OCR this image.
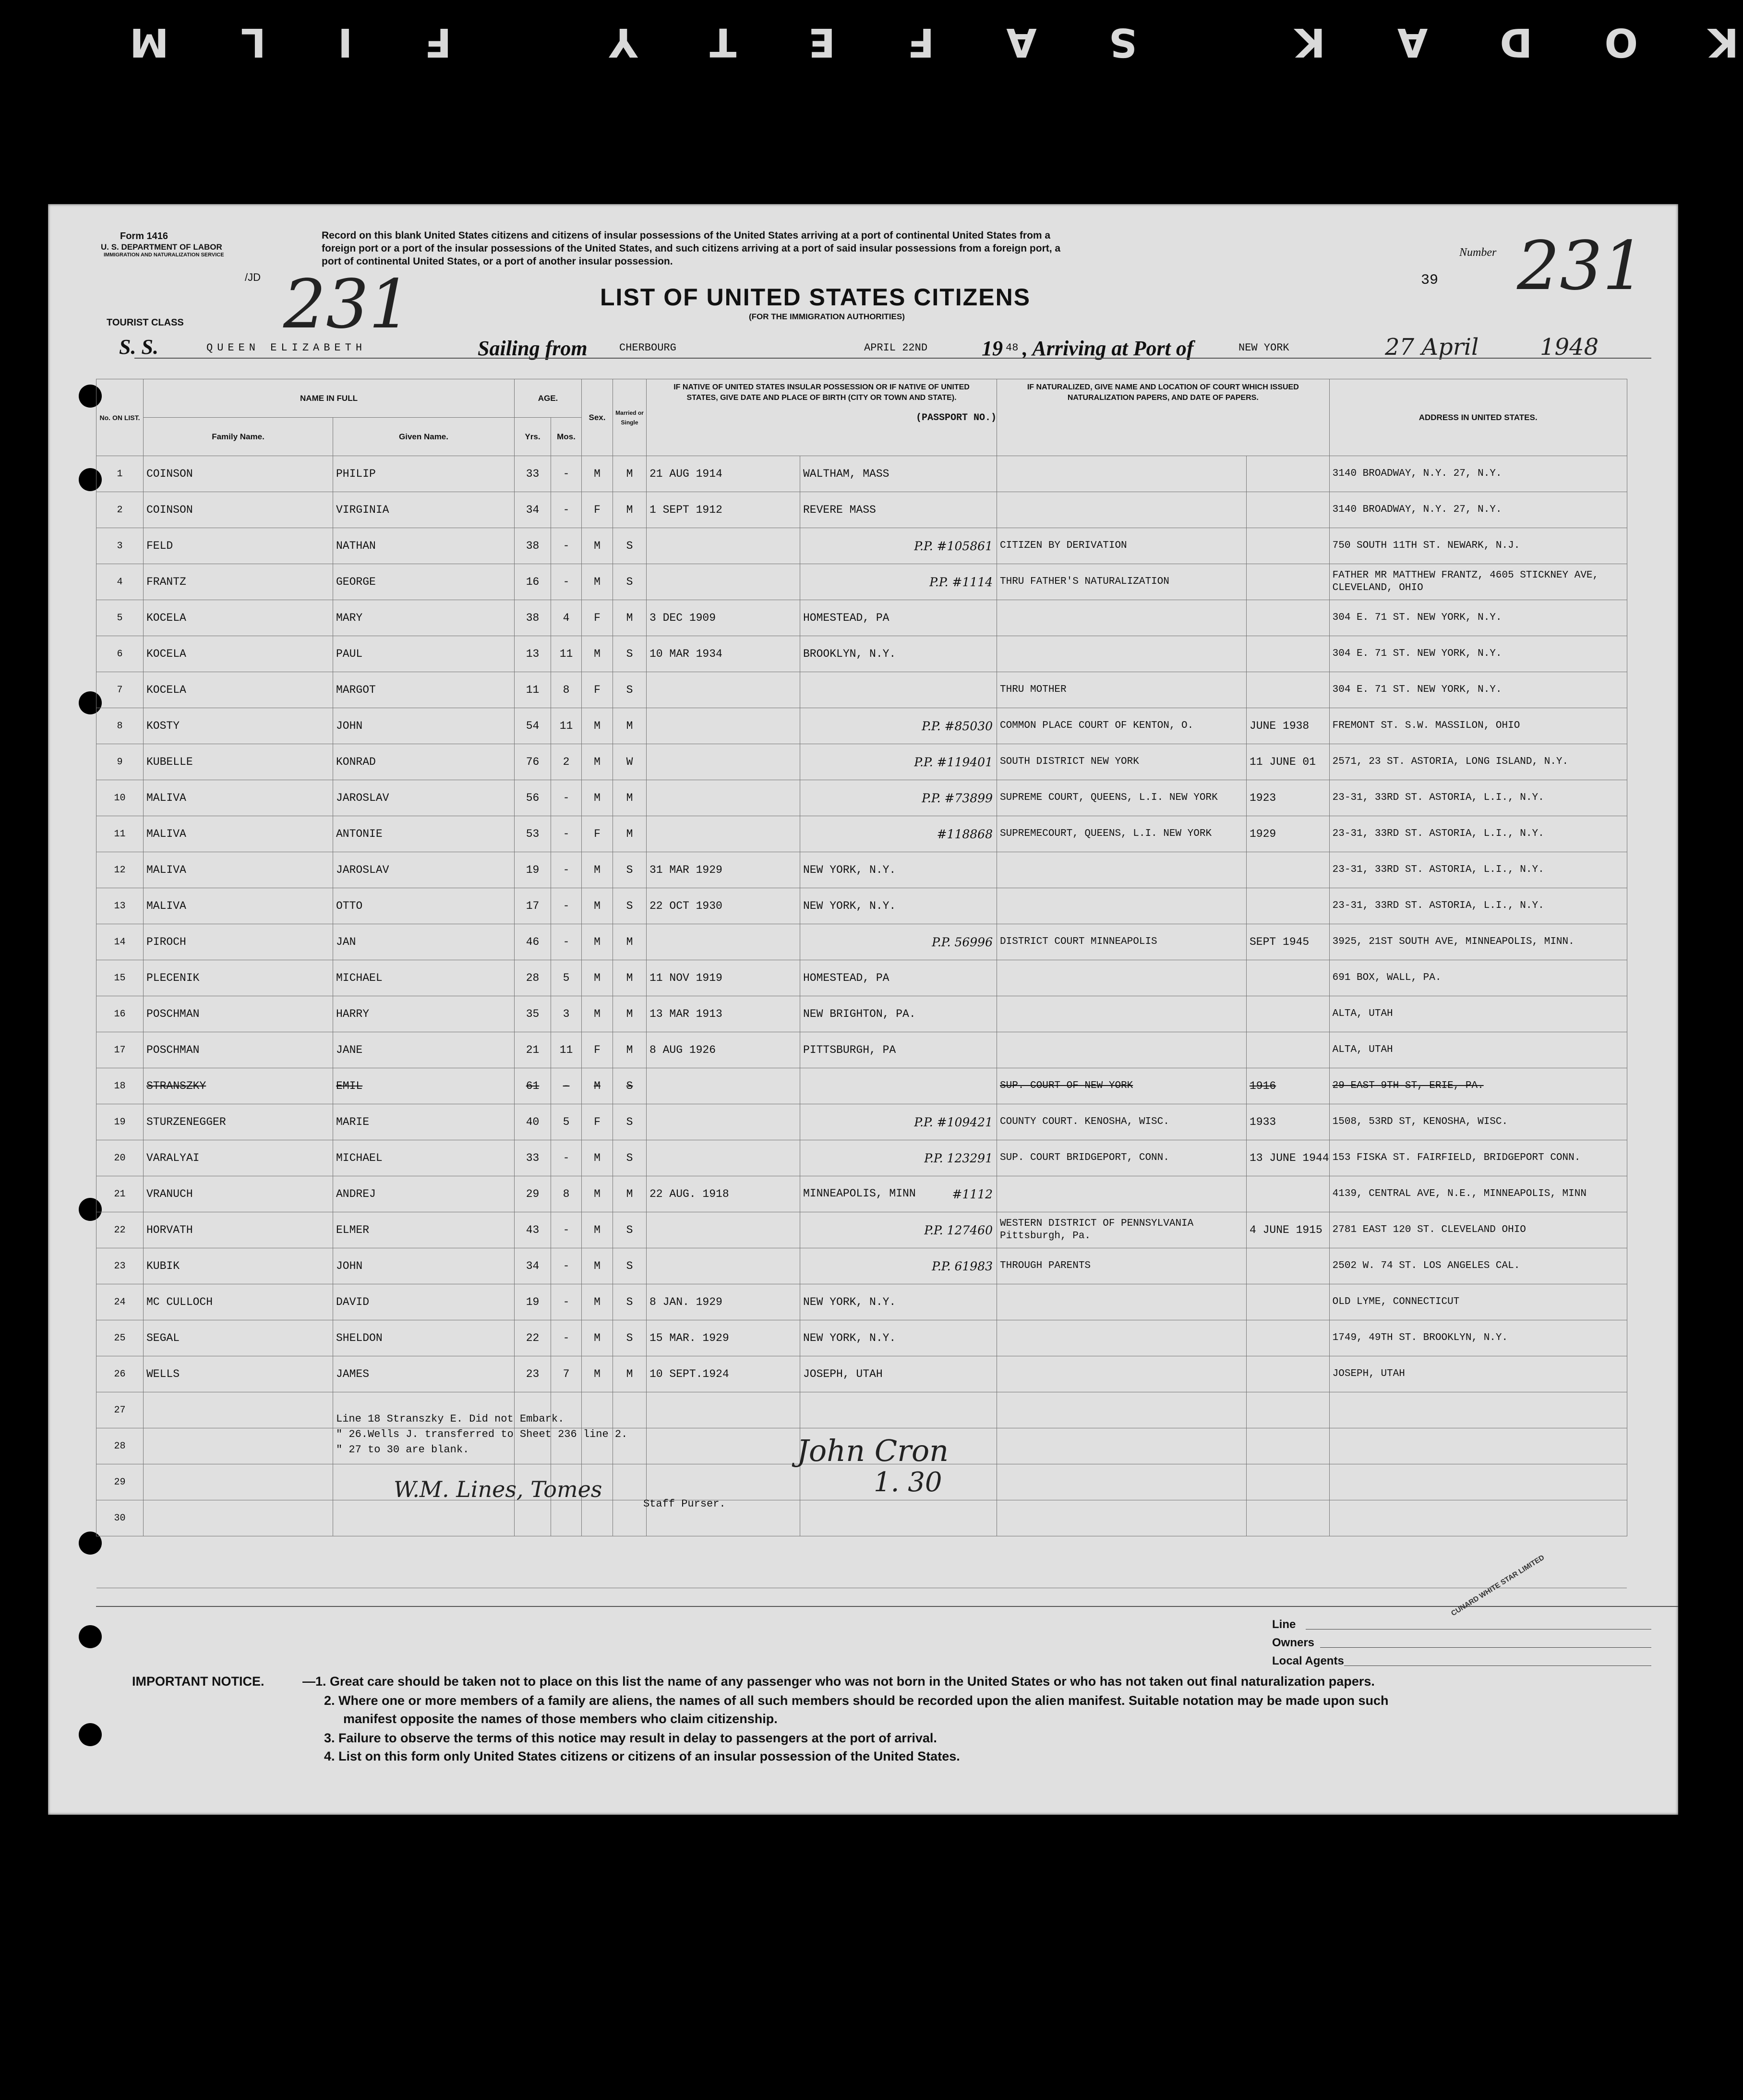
KODAK SAFETY FILM
Form 1416
U. S. DEPARTMENT OF LABOR
IMMIGRATION AND NATURALIZATION SERVICE
/JD
Record on this blank United States citizens and citizens of insular possessions of the United States arriving at a port of continental United States from a
foreign port or a port of the insular possessions of the United States, and such citizens arriving at a port of said insular possessions from a foreign port, a
port of continental United States, or a port of another insular possession.
Number 231
231	39
LIST OF UNITED STATES CITIZENS
(FOR THE IMMIGRATION AUTHORITIES)
TOURIST CLASS
S. S.	QUEEN ELIZABETH	Sailing from	CHERBOURG	APRIL 22ND	19 48 , Arriving at Port of	NEW YORK	27 April	1948
No. ON LIST.	NAME IN FULL		AGE.		Sex.	Married or Single	IF NATIVE OF UNITED STATES INSULAR POSSESSION OR IF NATIVE OF UNITED STATES, GIVE DATE AND PLACE OF BIRTH (CITY OR TOWN AND STATE).
(PASSPORT NO.)		IF NATURALIZED, GIVE NAME AND LOCATION OF COURT WHICH ISSUED NATURALIZATION PAPERS, AND DATE OF PAPERS.		ADDRESS IN UNITED STATES.
	Family Name.	Given Name.	Yrs.	Mos.							
1	COINSON	PHILIP	33	-	M	M	21 AUG 1914	WALTHAM, MASS			3140 BROADWAY, N.Y. 27, N.Y.
2	COINSON	VIRGINIA	34	-	F	M	1 SEPT 1912	REVERE MASS			3140 BROADWAY, N.Y. 27, N.Y.
3	FELD	NATHAN	38	-	M	S		P.P. #105861	CITIZEN BY DERIVATION		750 SOUTH 11TH ST. NEWARK, N.J.
4	FRANTZ	GEORGE	16	-	M	S		P.P. #1114	THRU FATHER'S NATURALIZATION		FATHER MR MATTHEW FRANTZ, 4605 STICKNEY AVE, CLEVELAND, OHIO
5	KOCELA	MARY	38	4	F	M	3 DEC 1909	HOMESTEAD, PA			304 E. 71 ST. NEW YORK, N.Y.
6	KOCELA	PAUL	13	11	M	S	10 MAR 1934	BROOKLYN, N.Y.			304 E. 71 ST. NEW YORK, N.Y.
7	KOCELA	MARGOT	11	8	F	S			THRU MOTHER		304 E. 71 ST. NEW YORK, N.Y.
8	KOSTY	JOHN	54	11	M	M		P.P. #85030	COMMON PLACE COURT OF KENTON, O.	JUNE 1938	FREMONT ST. S.W. MASSILON, OHIO
9	KUBELLE	KONRAD	76	2	M	W		P.P. #119401	SOUTH DISTRICT NEW YORK	11 JUNE 01	2571, 23 ST. ASTORIA, LONG ISLAND, N.Y.
10	MALIVA	JAROSLAV	56	-	M	M		P.P. #73899	SUPREME COURT, QUEENS, L.I. NEW YORK	1923	23-31, 33RD ST. ASTORIA, L.I., N.Y.
11	MALIVA	ANTONIE	53	-	F	M		#118868	SUPREMECOURT, QUEENS, L.I. NEW YORK	1929	23-31, 33RD ST. ASTORIA, L.I., N.Y.
12	MALIVA	JAROSLAV	19	-	M	S	31 MAR 1929	NEW YORK, N.Y.			23-31, 33RD ST. ASTORIA, L.I., N.Y.
13	MALIVA	OTTO	17	-	M	S	22 OCT 1930	NEW YORK, N.Y.			23-31, 33RD ST. ASTORIA, L.I., N.Y.
14	PIROCH	JAN	46	-	M	M		P.P. 56996	DISTRICT COURT MINNEAPOLIS	SEPT 1945	3925, 21ST SOUTH AVE, MINNEAPOLIS, MINN.
15	PLECENIK	MICHAEL	28	5	M	M	11 NOV 1919	HOMESTEAD, PA			691 BOX, WALL, PA.
16	POSCHMAN	HARRY	35	3	M	M	13 MAR 1913	NEW BRIGHTON, PA.			ALTA, UTAH
17	POSCHMAN	JANE	21	11	F	M	8 AUG 1926	PITTSBURGH, PA			ALTA, UTAH
18	STRANSZKY	EMIL	61	-	M	S			SUP. COURT OF NEW YORK	1916	29 EAST 9TH ST, ERIE, PA.
19	STURZENEGGER	MARIE	40	5	F	S		P.P. #109421	COUNTY COURT. KENOSHA, WISC.	1933	1508, 53RD ST, KENOSHA, WISC.
20	VARALYAI	MICHAEL	33	-	M	S		P.P. 123291	SUP. COURT BRIDGEPORT, CONN.	13 JUNE 1944	153 FISKA ST. FAIRFIELD, BRIDGEPORT CONN.
21	VRANUCH	ANDREJ	29	8	M	M	22 AUG. 1918	MINNEAPOLIS, MINN #1112			4139, CENTRAL AVE, N.E., MINNEAPOLIS, MINN
22	HORVATH	ELMER	43	-	M	S		P.P. 127460	WESTERN DISTRICT OF PENNSYLVANIA Pittsburgh, Pa.	4 JUNE 1915	2781 EAST 120 ST. CLEVELAND OHIO
23	KUBIK	JOHN	34	-	M	S		P.P. 61983	THROUGH PARENTS		2502 W. 74 ST. LOS ANGELES CAL.
24	MC CULLOCH	DAVID	19	-	M	S	8 JAN. 1929	NEW YORK, N.Y.			OLD LYME, CONNECTICUT
25	SEGAL	SHELDON	22	-	M	S	15 MAR. 1929	NEW YORK, N.Y.			1749, 49TH ST. BROOKLYN, N.Y.
26	WELLS	JAMES	23	7	M	M	10 SEPT.1924	JOSEPH, UTAH			JOSEPH, UTAH
27											
28											
29											
30											

Line 18 Stranszky E. Did not Embark.
" 26.Wells J. transferred to Sheet 236 line 2.
" 27 to 30 are blank.
W.M. Lines, Tomes
Staff Purser.
John Cron
1. 30
Line
Owners
Local Agents
CUNARD WHITE STAR LIMITED
IMPORTANT NOTICE.	—1. Great care should be taken not to place on this list the name of any passenger who was not born in the United States or who has not taken out final naturalization papers.
2. Where one or more members of a family are aliens, the names of all such members should be recorded upon the alien manifest. Suitable notation may be made upon such
manifest opposite the names of those members who claim citizenship.
3. Failure to observe the terms of this notice may result in delay to passengers at the port of arrival.
4. List on this form only United States citizens or citizens of an insular possession of the United States.
